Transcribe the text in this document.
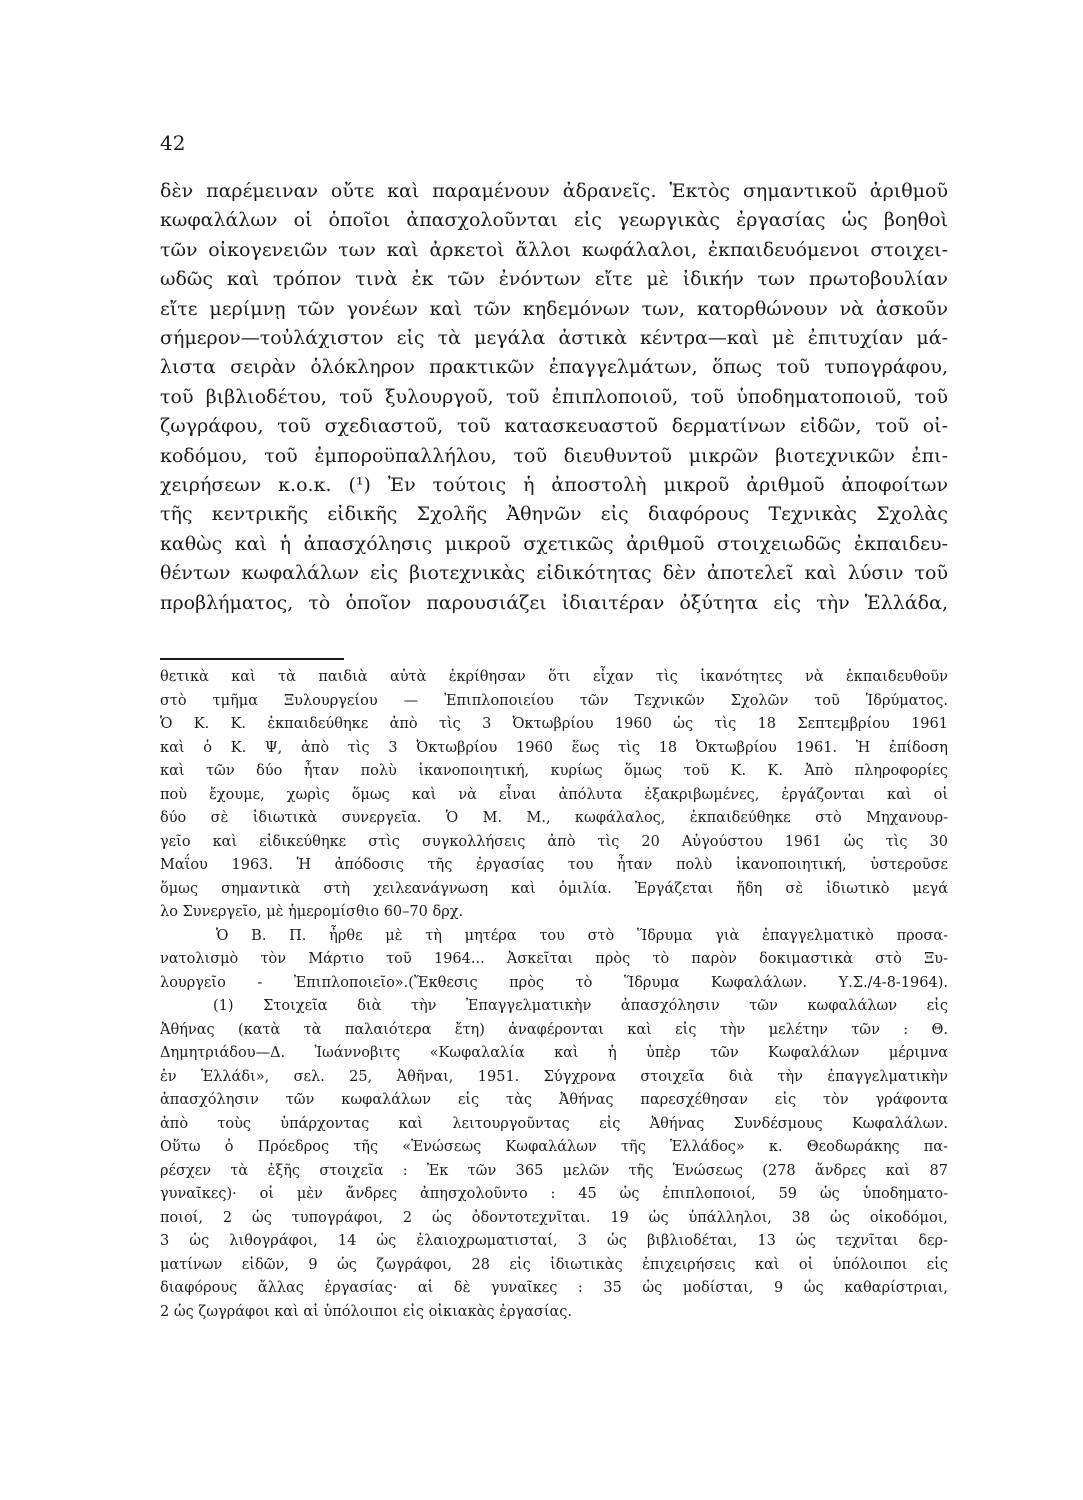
42
δὲν παρέμειναν οὔτε καὶ παραμένουν ἀδρανεῖς. Ἐκτὸς σημαντικοῦ ἀριθμοῦ
κωφαλάλων οἱ ὁποῖοι ἀπασχολοῦνται εἰς γεωργικὰς ἐργασίας ὡς βοηθοὶ
τῶν οἰκογενειῶν των καὶ ἀρκετοὶ ἄλλοι κωφάλαλοι, ἐκπαιδευόμενοι στοιχει-
ωδῶς καὶ τρόπον τινὰ ἐκ τῶν ἐνόντων εἴτε μὲ ἰδικήν των πρωτοβουλίαν
εἴτε μερίμνῃ τῶν γονέων καὶ τῶν κηδεμόνων των, κατορθώνουν νὰ ἀσκοῦν
σήμερον—τοὐλάχιστον εἰς τὰ μεγάλα ἀστικὰ κέντρα—καὶ μὲ ἐπιτυχίαν μά-
λιστα σειρὰν ὁλόκληρον πρακτικῶν ἐπαγγελμάτων, ὅπως τοῦ τυπογράφου,
τοῦ βιβλιοδέτου, τοῦ ξυλουργοῦ, τοῦ ἐπιπλοποιοῦ, τοῦ ὑποδηματοποιοῦ, τοῦ
ζωγράφου, τοῦ σχεδιαστοῦ, τοῦ κατασκευαστοῦ δερματίνων εἰδῶν, τοῦ οἰ-
κοδόμου, τοῦ ἐμποροϋπαλλήλου, τοῦ διευθυντοῦ μικρῶν βιοτεχνικῶν ἐπι-
χειρήσεων κ.ο.κ. (¹) Ἐν τούτοις ἡ ἀποστολὴ μικροῦ ἀριθμοῦ ἀποφοίτων
τῆς κεντρικῆς εἰδικῆς Σχολῆς Ἀθηνῶν εἰς διαφόρους Τεχνικὰς Σχολὰς
καθὼς καὶ ἡ ἀπασχόλησις μικροῦ σχετικῶς ἀριθμοῦ στοιχειωδῶς ἐκπαιδευ-
θέντων κωφαλάλων εἰς βιοτεχνικὰς εἰδικότητας δὲν ἀποτελεῖ καὶ λύσιν τοῦ
προβλήματος, τὸ ὁποῖον παρουσιάζει ἰδιαιτέραν ὀξύτητα εἰς τὴν Ἑλλάδα,
θετικὰ καὶ τὰ παιδιὰ αὐτὰ ἐκρίθησαν ὅτι εἶχαν τὶς ἱκανότητες νὰ ἐκπαιδευθοῦν
στὸ τμῆμα Ξυλουργείου — Ἐπιπλοποιείου τῶν Τεχνικῶν Σχολῶν τοῦ Ἱδρύματος.
Ὁ Κ. Κ. ἐκπαιδεύθηκε ἀπὸ τὶς 3 Ὀκτωβρίου 1960 ὡς τὶς 18 Σεπτεμβρίου 1961
καὶ ὁ Κ. Ψ, ἀπὸ τὶς 3 Ὀκτωβρίου 1960 ἕως τὶς 18 Ὀκτωβρίου 1961. Ἡ ἐπίδοση
καὶ τῶν δύο ἦταν πολὺ ἱκανοποιητική, κυρίως ὅμως τοῦ Κ. Κ. Ἀπὸ πληροφορίες
ποὺ ἔχουμε, χωρὶς ὅμως καὶ νὰ εἶναι ἀπόλυτα ἐξακριβωμένες, ἐργάζονται καὶ οἱ
δύο σὲ ἰδιωτικὰ συνεργεῖα. Ὁ Μ. Μ., κωφάλαλος, ἐκπαιδεύθηκε στὸ Μηχανουρ-
γεῖο καὶ εἰδικεύθηκε στὶς συγκολλήσεις ἀπὸ τὶς 20 Αὐγούστου 1961 ὡς τὶς 30
Μαΐου 1963. Ἡ ἀπόδοσις τῆς ἐργασίας του ἦταν πολὺ ἱκανοποιητική, ὑστεροῦσε
ὅμως σημαντικὰ στὴ χειλεανάγνωση καὶ ὁμιλία. Ἐργάζεται ἤδη σὲ ἰδιωτικὸ μεγά
λο Συνεργεῖο, μὲ ἡμερομίσθιο 60–70 δρχ.
Ὁ Β. Π. ἦρθε μὲ τὴ μητέρα του στὸ Ἵδρυμα γιὰ ἐπαγγελματικὸ προσα-
νατολισμὸ τὸν Μάρτιο τοῦ 1964... Ἀσκεῖται πρὸς τὸ παρὸν δοκιμαστικὰ στὸ Ξυ-
λουργεῖο - Ἐπιπλοποιεῖο».(Ἔκθεσις πρὸς τὸ Ἵδρυμα Κωφαλάλων. Υ.Σ./4-8-1964).
(1) Στοιχεῖα διὰ τὴν Ἐπαγγελματικὴν ἀπασχόλησιν τῶν κωφαλάλων εἰς
Ἀθήνας (κατὰ τὰ παλαιότερα ἔτη) ἀναφέρονται καὶ εἰς τὴν μελέτην τῶν : Θ.
Δημητριάδου—Δ. Ἰωάννοβιτς «Κωφαλαλία καὶ ἡ ὑπὲρ τῶν Κωφαλάλων μέριμνα
ἐν Ἑλλάδι», σελ. 25, Ἀθῆναι, 1951. Σύγχρονα στοιχεῖα διὰ τὴν ἐπαγγελματικὴν
ἀπασχόλησιν τῶν κωφαλάλων εἰς τὰς Ἀθήνας παρεσχέθησαν εἰς τὸν γράφοντα
ἀπὸ τοὺς ὑπάρχοντας καὶ λειτουργοῦντας εἰς Ἀθήνας Συνδέσμους Κωφαλάλων.
Οὕτω ὁ Πρόεδρος τῆς «Ἑνώσεως Κωφαλάλων τῆς Ἑλλάδος» κ. Θεοδωράκης πα-
ρέσχεν τὰ ἑξῆς στοιχεῖα : Ἐκ τῶν 365 μελῶν τῆς Ἑνώσεως (278 ἄνδρες καὶ 87
γυναῖκες)· οἱ μὲν ἄνδρες ἀπησχολοῦντο : 45 ὡς ἐπιπλοποιοί, 59 ὡς ὑποδηματο-
ποιοί, 2 ὡς τυπογράφοι, 2 ὡς ὀδοντοτεχνῖται. 19 ὡς ὑπάλληλοι, 38 ὡς οἰκοδόμοι,
3 ὡς λιθογράφοι, 14 ὡς ἐλαιοχρωματισταί, 3 ὡς βιβλιοδέται, 13 ὡς τεχνῖται δερ-
ματίνων εἰδῶν, 9 ὡς ζωγράφοι, 28 εἰς ἰδιωτικὰς ἐπιχειρήσεις καὶ οἱ ὑπόλοιποι εἰς
διαφόρους ἄλλας ἐργασίας· αἱ δὲ γυναῖκες : 35 ὡς μοδίσται, 9 ὡς καθαρίστριαι,
2 ὡς ζωγράφοι καὶ αἱ ὑπόλοιποι εἰς οἰκιακὰς ἐργασίας.
